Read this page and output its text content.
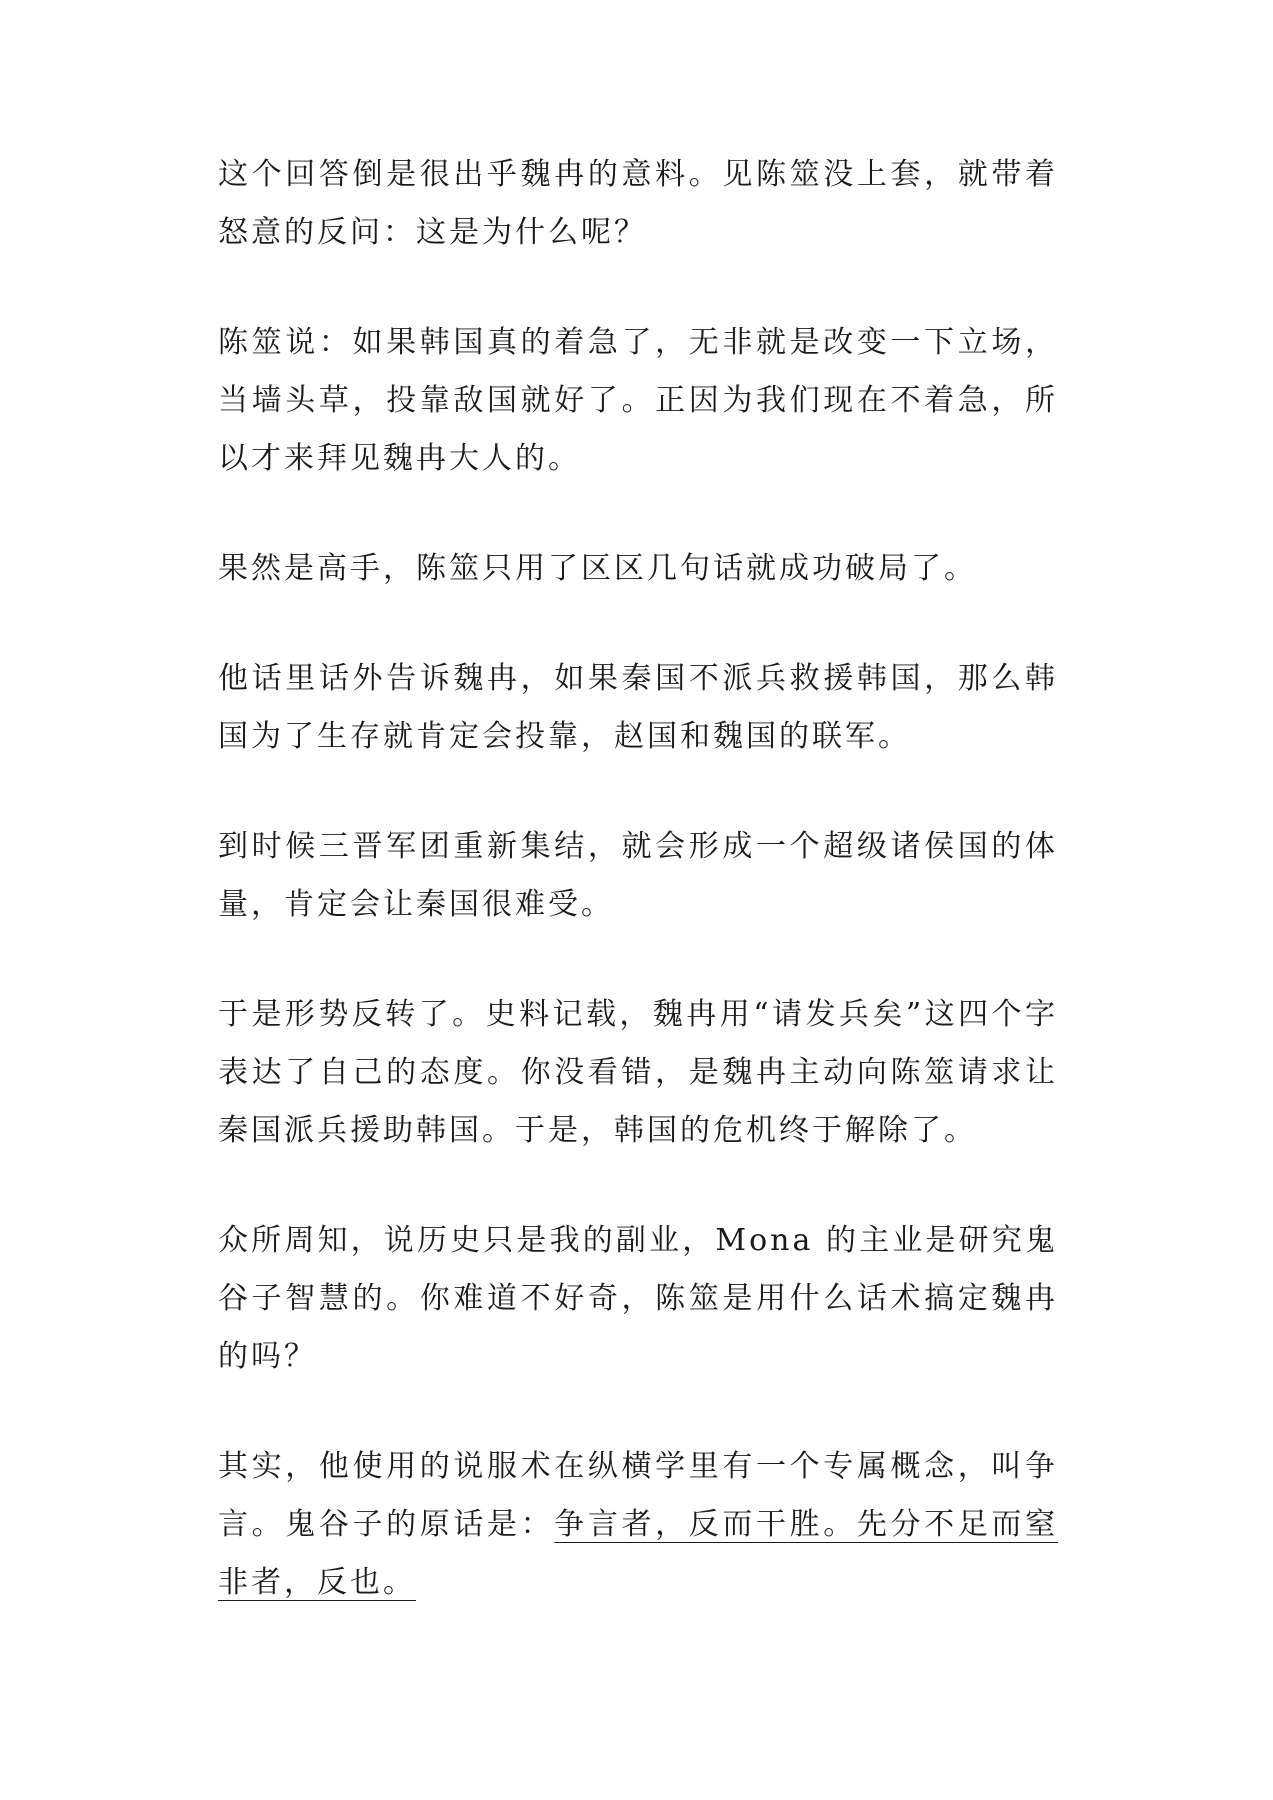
这个回答倒是很出乎魏冉的意料。见陈筮没上套，就带着怒意的反问：这是为什么呢？

陈筮说：如果韩国真的着急了，无非就是改变一下立场，当墙头草，投靠敌国就好了。正因为我们现在不着急，所以才来拜见魏冉大人的。

果然是高手，陈筮只用了区区几句话就成功破局了。

他话里话外告诉魏冉，如果秦国不派兵救援韩国，那么韩国为了生存就肯定会投靠，赵国和魏国的联军。

到时候三晋军团重新集结，就会形成一个超级诸侯国的体量，肯定会让秦国很难受。

于是形势反转了。史料记载，魏冉用“请发兵矣”这四个字表达了自己的态度。你没看错，是魏冉主动向陈筮请求让秦国派兵援助韩国。于是，韩国的危机终于解除了。

众所周知，说历史只是我的副业，Mona 的主业是研究鬼谷子智慧的。你难道不好奇，陈筮是用什么话术搞定魏冉的吗？

其实，他使用的说服术在纵横学里有一个专属概念，叫争言。鬼谷子的原话是：争言者，反而干胜。先分不足而窒非者，反也。
